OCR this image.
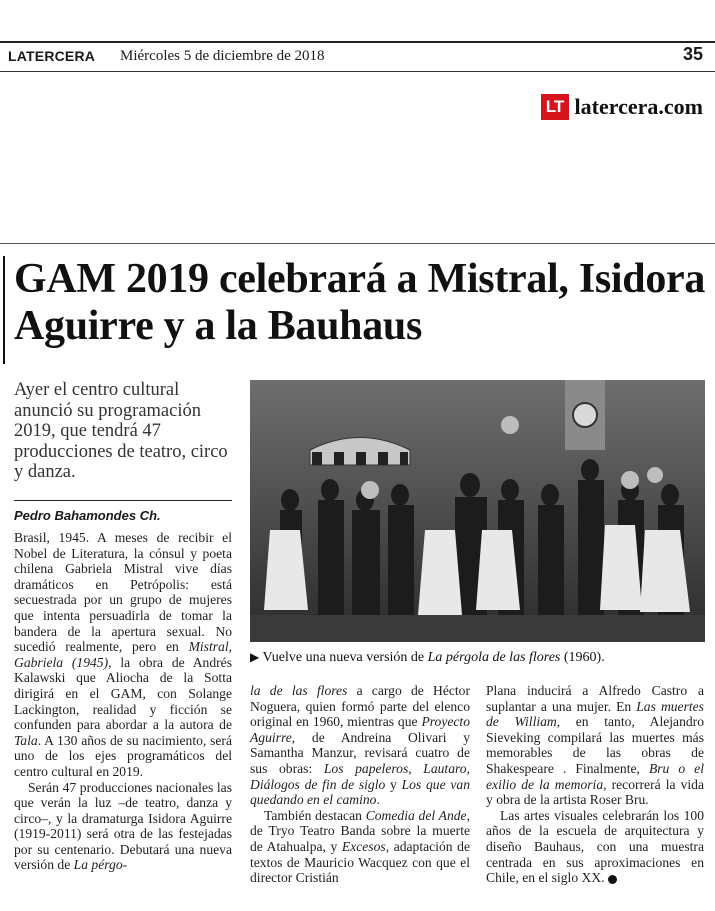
LATERCERA Miércoles 5 de diciembre de 2018	35
LT latercera.com
GAM 2019 celebrará a Mistral, Isidora Aguirre y a la Bauhaus
Ayer el centro cultural anunció su programación 2019, que tendrá 47 producciones de teatro, circo y danza.
Pedro Bahamondes Ch.

Brasil, 1945. A meses de recibir el Nobel de Literatura, la cónsul y poeta chilena Gabriela Mistral vive días dramáticos en Petrópolis: está secuestrada por un grupo de mujeres que intenta persuadirla de tomar la bandera de la apertura sexual. No sucedió realmente, pero en Mistral, Gabriela (1945), la obra de Andrés Kalawski que Aliocha de la Sotta dirigirá en el GAM, con Solange Lackington, realidad y ficción se confunden para abordar a la autora de Tala. A 130 años de su nacimiento, será uno de los ejes programáticos del centro cultural en 2019.

Serán 47 producciones nacionales las que verán la luz –de teatro, danza y circo–, y la dramaturga Isidora Aguirre (1919-2011) será otra de las festejadas por su centenario. Debutará una nueva versión de La pérgo-

▶ Vuelve una nueva versión de La pérgola de las flores (1960).

la de las flores a cargo de Héctor Noguera, quien formó parte del elenco original en 1960, mientras que Proyecto Aguirre, de Andreina Olivari y Samantha Manzur, revisará cuatro de sus obras: Los papeleros, Lautaro, Diálogos de fin de siglo y Los que van quedando en el camino.

También destacan Comedia del Ande, de Tryo Teatro Banda sobre la muerte de Atahualpa, y Excesos, adaptación de textos de Mauricio Wacquez con que el director Cristián

Plana inducirá a Alfredo Castro a suplantar a una mujer. En Las muertes de William, en tanto, Alejandro Sieveking compilará las muertes más memorables de las obras de Shakespeare . Finalmente, Bru o el exilio de la memoria, recorrerá la vida y obra de la artista Roser Bru.

Las artes visuales celebrarán los 100 años de la escuela de arquitectura y diseño Bauhaus, con una muestra centrada en sus aproximaciones en Chile, en el siglo XX.
